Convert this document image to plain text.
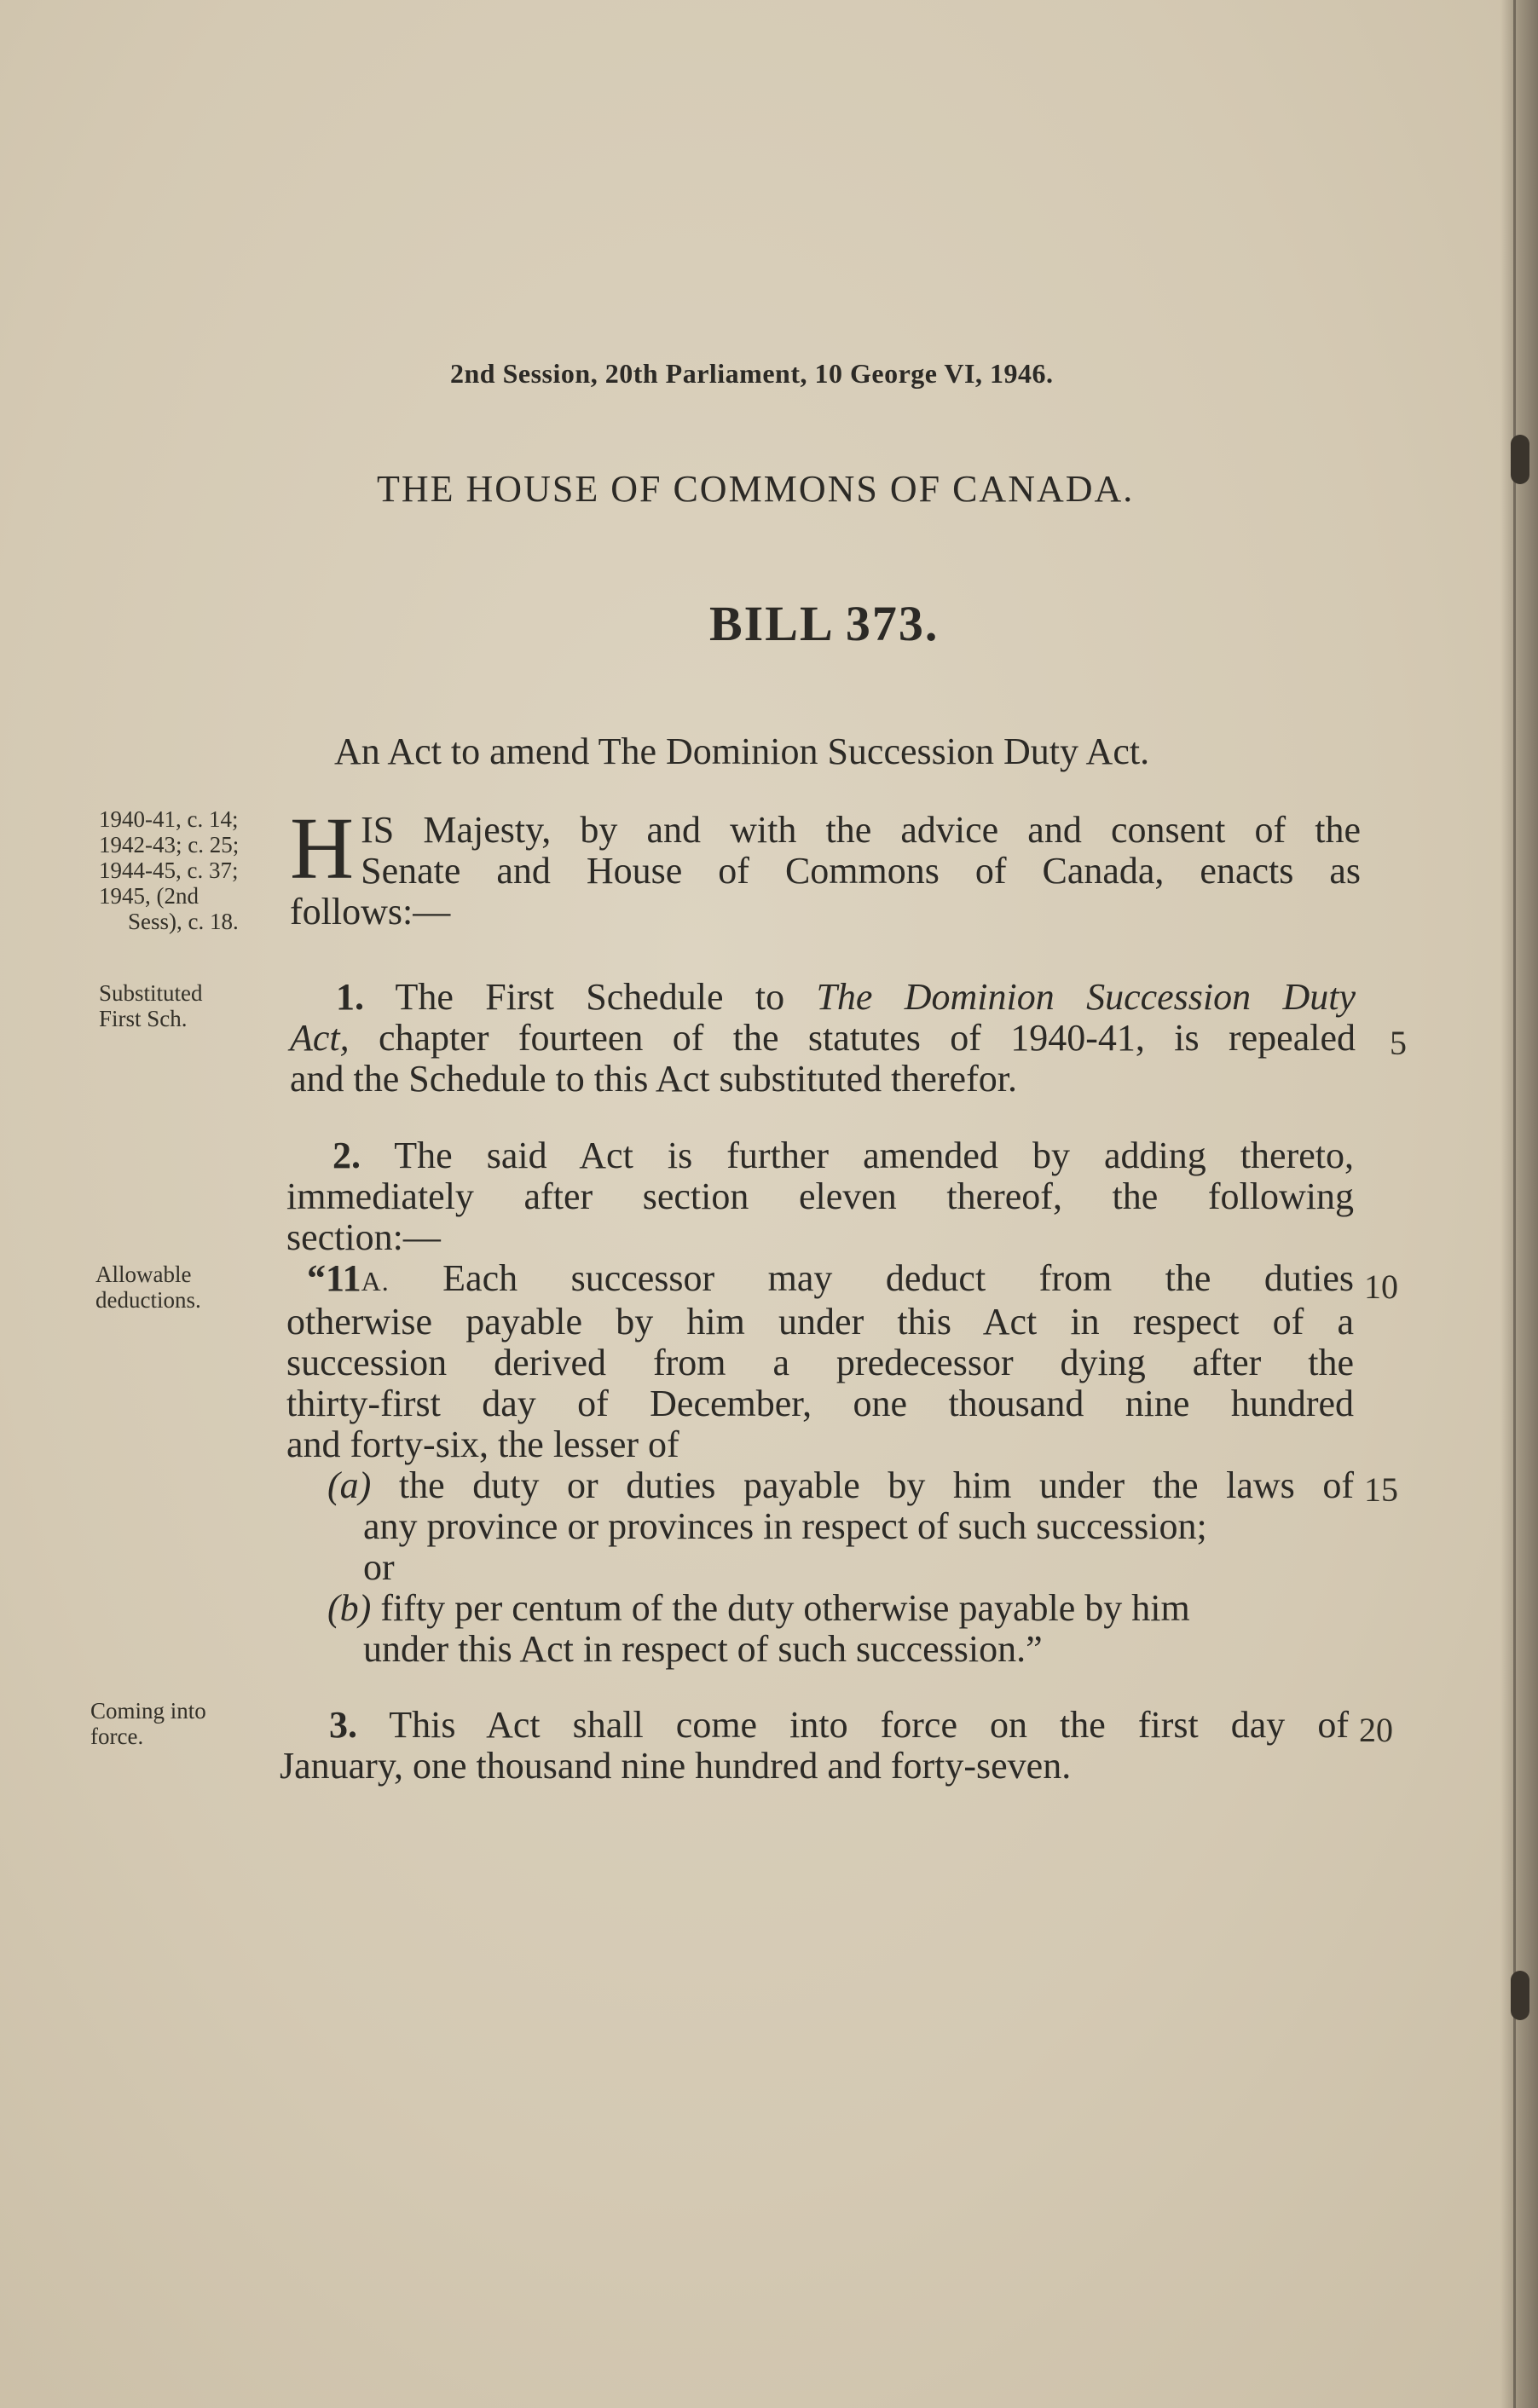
2nd Session, 20th Parliament, 10 George VI, 1946.
THE HOUSE OF COMMONS OF CANADA.
BILL 373.
An Act to amend The Dominion Succession Duty Act.
1940-41, c. 14;
1942-43; c. 25;
1944-45, c. 37;
1945, (2nd
Sess), c. 18.
Substituted
First Sch.
Allowable
deductions.
Coming into
force.
H IS Majesty, by and with the advice and consent of the
Senate and House of Commons of Canada, enacts as
follows:—
1. The First Schedule to The Dominion Succession Duty
Act, chapter fourteen of the statutes of 1940-41, is repealed
and the Schedule to this Act substituted therefor.
5
2. The said Act is further amended by adding thereto,
immediately after section eleven thereof, the following
section:—
“11A. Each successor may deduct from the duties
otherwise payable by him under this Act in respect of a
succession derived from a predecessor dying after the
thirty-first day of December, one thousand nine hundred
and forty-six, the lesser of
(a) the duty or duties payable by him under the laws of
any province or provinces in respect of such succession;
or
(b) fifty per centum of the duty otherwise payable by him
under this Act in respect of such succession.”
10
15
3. This Act shall come into force on the first day of
January, one thousand nine hundred and forty-seven.
20
